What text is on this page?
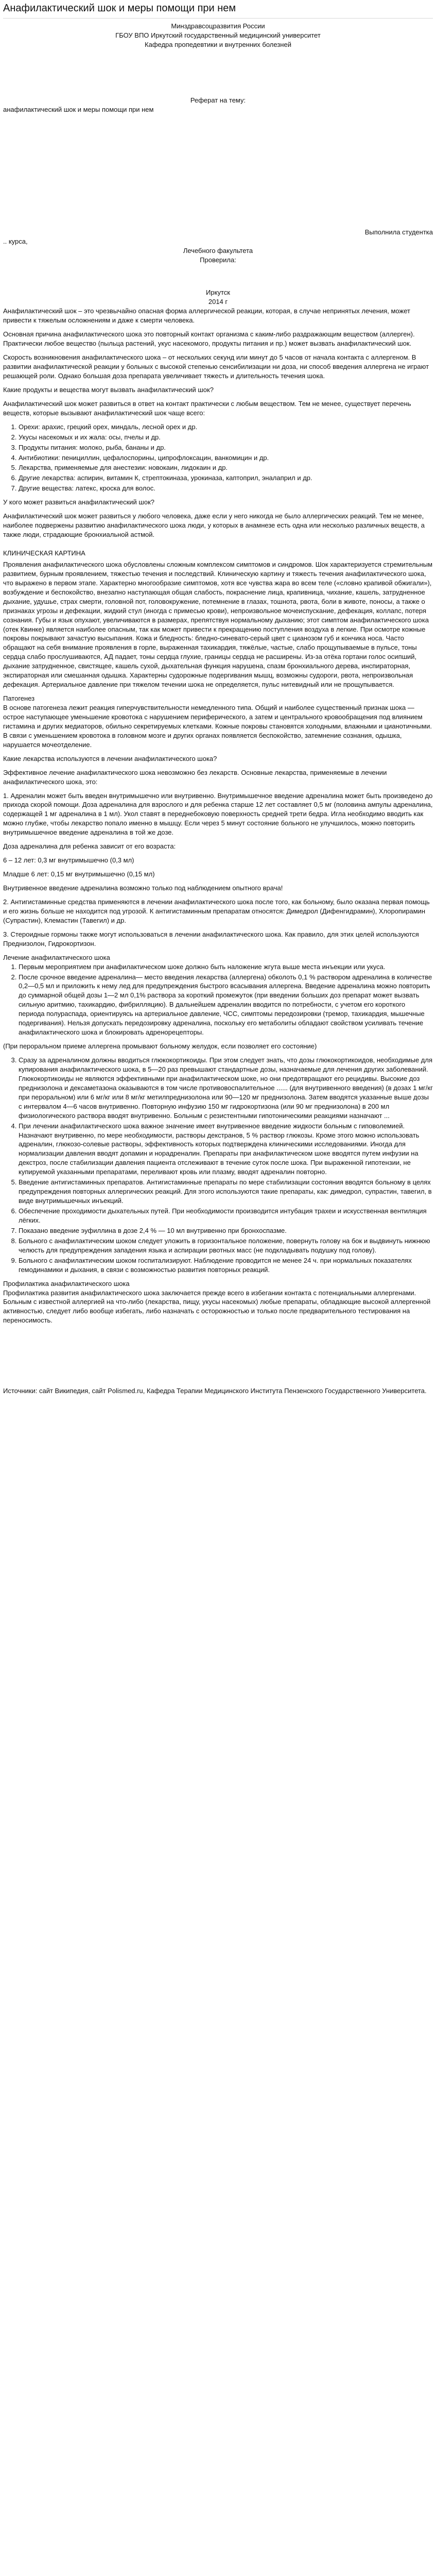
Анафилактический шок и меры помощи при нем
Минздравсоцразвития России
ГБОУ ВПО Иркутский государственный медицинский университет
Кафедра пропедевтики и внутренних болезней
Реферат на тему:
анафилактический шок и меры помощи при нем
Выполнила студентка
.. курса,
Лечебного факультета
Проверила:
Иркутск
2014 г

Анафилактический шок – это чрезвычайно опасная форма аллергической реакции, которая, в случае непринятых лечения, может привести к тяжелым осложнениям и даже к смерти человека.

Основная причина анафилактического шока это повторный контакт организма с каким-либо раздражающим веществом (аллерген). Практически любое вещество (пыльца растений, укус насекомого, продукты питания и пр.) может вызвать анафилактический шок.

Скорость возникновения анафилактического шока – от нескольких секунд или минут до 5 часов от начала контакта с аллергеном. В развитии анафилактической реакции у больных с высокой степенью сенсибилизации ни доза, ни способ введения аллергена не играют решающей роли. Однако большая доза препарата увеличивает тяжесть и длительность течения шока.

Какие продукты и вещества могут вызвать анафилактический шок?

Анафилактический шок может развиться в ответ на контакт практически с любым веществом. Тем не менее, существует перечень веществ, которые вызывают анафилактический шок чаще всего:

1. Орехи: арахис, грецкий орех, миндаль, лесной орех и др.
2. Укусы насекомых и их жала: осы, пчелы и др.
3. Продукты питания: молоко, рыба, бананы и др.
4. Антибиотики: пенициллин, цефалоспорины, ципрофлоксацин, ванкомицин и др.
5. Лекарства, применяемые для анестезии: новокаин, лидокаин и др.
6. Другие лекарства: аспирин, витамин К, стрептокиназа, урокиназа, каптоприл, эналаприл и др.
7. Другие вещества: латекс, кроска для волос.

У кого может развиться анафилактический шок?

Анафилактический шок может развиться у любого человека, даже если у него никогда не было аллергических реакций. Тем не менее, наиболее подвержены развитию анафилактического шока люди, у которых в анамнезе есть одна или несколько различных веществ, а также люди, страдающие бронхиальной астмой.

КЛИНИЧЕСКАЯ КАРТИНА

Проявления анафилактического шока обусловлены сложным комплексом симптомов и синдромов. Шок характеризуется стремительным развитием, бурным проявлением, тяжестью течения и последствий. Клиническую картину и тяжесть течения анафилактического шока, что выражено в первом этапе. Характерно многообразие симптомов, хотя все чувства жара во всем теле («словно крапивой обжигали»), возбуждение и беспокойство, внезапно наступающая общая слабость, покраснение лица, крапивница, чихание, кашель, затрудненное дыхание, удушье, страх смерти, головной пот, головокружение, потемнение в глазах, тошнота, рвота, боли в животе, поносы, а также о признаках угрозы и дефекации, жидкий стул (иногда с примесью крови), непроизвольное мочеиспускание, дефекация, коллапс, потеря сознания. Губы и язык опухают, увеличиваются в размерах, препятствуя нормальному дыханию; этот симптом анафилактического шока (отек Квинке) является наиболее опасным, так как может привести к прекращению поступления воздуха в легкие. При осмотре кожные покровы покрывают зачастую высыпания. Кожа и бледность: бледно-синевато-серый цвет с цианозом губ и кончика носа. Часто обращают на себя внимание проявления в горле, выраженная тахикардия, тяжёлые, частые, слабо прощупываемые в пульсе, тоны сердца слабо прослушиваются, АД падает, тоны сердца глухие, границы сердца не расширены. Из-за отёка гортани голос осипший, дыхание затрудненное, свистящее, кашель сухой, дыхательная функция нарушена, спазм бронхиального дерева, инспираторная, экспираторная или смешанная одышка. Характерны судорожные подергивания мышц, возможны судороги, рвота, непроизвольная дефекация. Артериальное давление при тяжелом течении шока не определяется, пульс нитевидный или не прощупывается.

Патогенез

В основе патогенеза лежит реакция гиперчувствительности немедленного типа. Общий и наиболее существенный признак шока — острое наступающее уменьшение кровотока с нарушением периферического, а затем и центрального кровообращения под влиянием гистамина и других медиаторов, обильно секретируемых клетками. Кожные покровы становятся холодными, влажными и цианотичными. В связи с уменьшением кровотока в головном мозге и других органах появляется беспокойство, затемнение сознания, одышка, нарушается мочеотделение.

Какие лекарства используются в лечении анафилактического шока?

Эффективное лечение анафилактического шока невозможно без лекарств. Основные лекарства, применяемые в лечении анафилактического шока, это:

1. Адреналин может быть введен внутримышечно или внутривенно. Внутримышечное введение адреналина может быть произведено до прихода скорой помощи. Доза адреналина для взрослого и для ребенка старше 12 лет составляет 0,5 мг (половина ампулы адреналина, содержащей 1 мг адреналина в 1 мл). Укол ставят в переднебоковую поверхность средней трети бедра. Игла необходимо вводить как можно глубже, чтобы лекарство попало именно в мышцу. Если через 5 минут состояние больного не улучшилось, можно повторить внутримышечное введение адреналина в той же дозе.

Доза адреналина для ребенка зависит от его возраста:

6 – 12 лет: 0,3 мг внутримышечно (0,3 мл)

Младше 6 лет: 0,15 мг внутримышечно (0,15 мл)

Внутривенное введение адреналина возможно только под наблюдением опытного врача!

2. Антигистаминные средства применяются в лечении анафилактического шока после того, как больному, было оказана первая помощь и его жизнь больше не находится под угрозой. К антигистаминным препаратам относятся: Димедрол (Дифенгидрамин), Хлоропирамин (Супрастин), Клемастин (Тавегил) и др.

3. Стероидные гормоны также могут использоваться в лечении анафилактического шока. Как правило, для этих целей используются Преднизолон, Гидрокортизон.

Лечение анафилактического шока
1. Первым мероприятием при анафилактическом шоке должно быть наложение жгута выше места инъекции или укуса.
2. После срочное введение адреналина— место введения лекарства (аллергена) обколоть 0,1 % раствором адреналина в количестве 0,2—0,5 мл и приложить к нему лед для предупреждения быстрого всасывания аллергена. Введение адреналина можно повторить до суммарной общей дозы 1—2 мл 0,1% раствора за короткий промежуток (при введении больших доз препарат может вызвать сильную аритмию, тахикардию, фибрилляцию). В дальнейшем адреналин вводится по потребности, с учетом его короткого периода полураспада, ориентируясь на артериальное давление, ЧСС, симптомы передозировки (тремор, тахикардия, мышечные подергивания). Нельзя допускать передозировку адреналина, поскольку его метаболиты обладают свойством усиливать течение анафилактического шока и блокировать адренорецепторы.

(При пероральном приеме аллергена промывают больному желудок, если позволяет его состояние)

3. Сразу за адреналином должны вводиться глюкокортикоиды. При этом следует знать, что дозы глюкокортикоидов, необходимые для купирования анафилактического шока, в 5—20 раз превышают стандартные дозы, назначаемые для лечения других заболеваний. Глюкокортикоиды не являются эффективными при анафилактическом шоке, но они предотвращают его рецидивы. Высокие доз преднизолона и дексаметазона оказываются в том числе противовоспалительное ...... (для внутривенного введения) (в дозах 1 мг/кг при пероральном) или 6 мг/кг или 8 мг/кг метилпреднизолона или 90—120 мг преднизолона. Затем вводятся указанные выше дозы с интервалом 4—6 часов внутривенно. Повторную инфузию 150 мг гидрокортизона (или 90 мг преднизолона) в 200 мл физиологического раствора вводят внутривенно. Больным с резистентными гипотоническими реакциями назначают ...
4. При лечении анафилактического шока важное значение имеет внутривенное введение жидкости больным с гиповолемией. Назначают внутривенно, по мере необходимости, растворы декстранов, 5 % раствор глюкозы. Кроме этого можно использовать адреналин, глюкозо-солевые растворы, эффективность которых подтверждена клиническими исследованиями. Иногда для нормализации давления вводят допамин и норадреналин. Препараты при анафилактическом шоке вводятся путем инфузии на декстроз, после стабилизации давления пациента отслеживают в течение суток после шока. При выраженной гипотензии, не купируемой указанными препаратами, переливают кровь или плазму, вводят адреналин повторно.
5. Введение антигистаминных препаратов. Антигистаминные препараты по мере стабилизации состояния вводятся больному в целях предупреждения повторных аллергических реакций. Для этого используются такие препараты, как: димедрол, супрастин, тавегил, в виде внутримышечных инъекций.
6. Обеспечение проходимости дыхательных путей. При необходимости производится интубация трахеи и искусственная вентиляция лёгких.
7. Показано введение эуфиллина в дозе 2,4 % — 10 мл внутривенно при бронхоспазме.
8. Больного с анафилактическим шоком следует уложить в горизонтальное положение, повернуть голову на бок и выдвинуть нижнюю челюсть для предупреждения западения языка и аспирации рвотных масс (не подкладывать подушку под голову).
9. Больного с анафилактическим шоком госпитализируют. Наблюдение проводится не менее 24 ч. при нормальных показателях гемодинамики и дыхания, в связи с возможностью развития повторных реакций.
Профилактика анафилактического шока

Профилактика развития анафилактического шока заключается прежде всего в избегании контакта с потенциальными аллергенами. Больным с известной аллергией на что-либо (лекарства, пищу, укусы насекомых) любые препараты, обладающие высокой аллергенной активностью, следует либо вообще избегать, либо назначать с осторожностью и только после предварительного тестирования на переносимость.

Источники: сайт Википедия, сайт Polismed.ru, Кафедра Терапии Медицинского Института Пензенского Государственного Университета.
